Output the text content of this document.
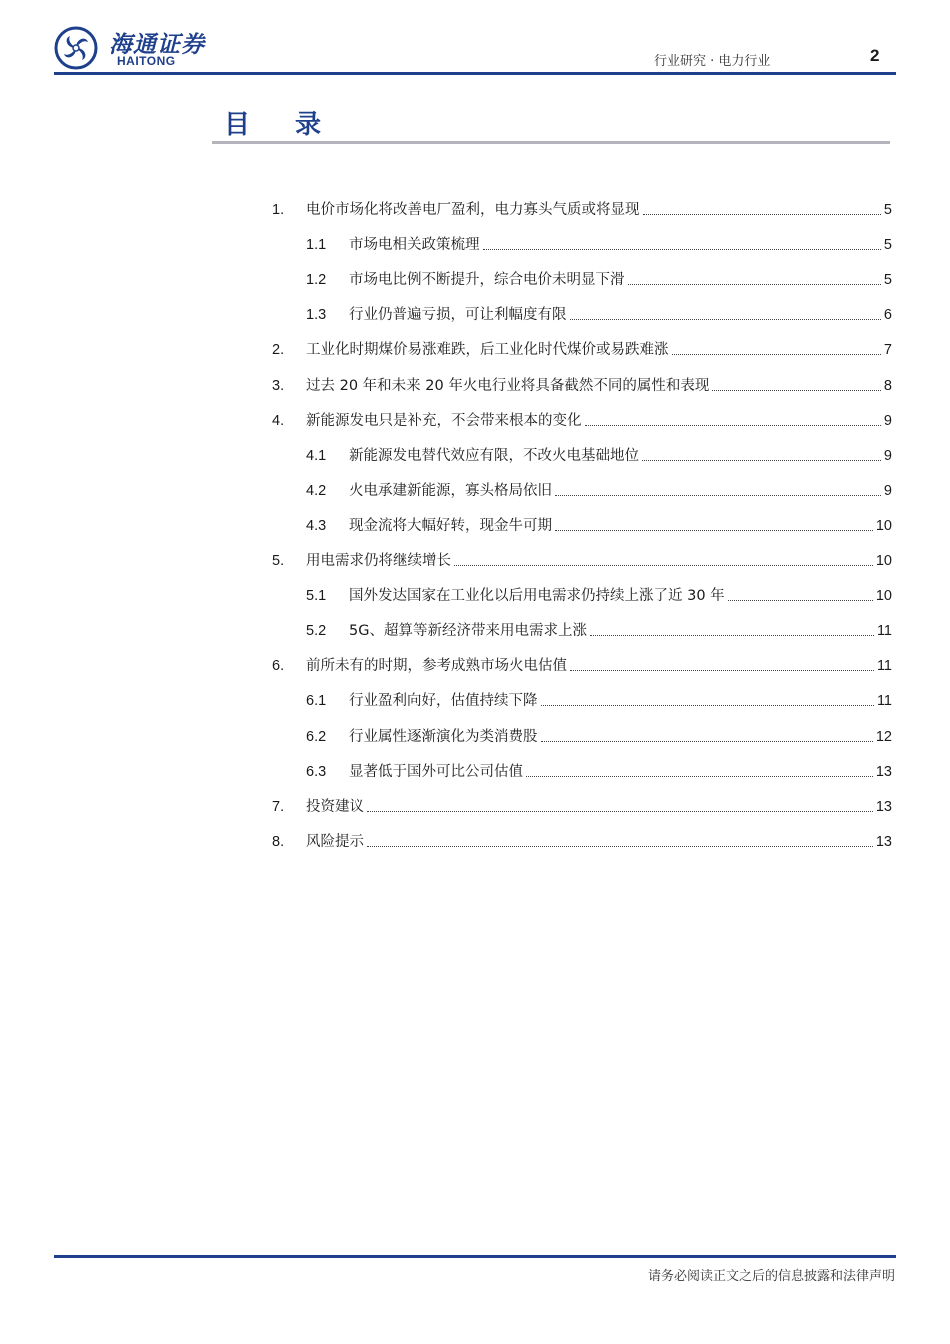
海通证券
HAITONG	行业研究 · 电力行业	2
目 录
1. 电价市场化将改善电厂盈利，电力寡头气质或将显现	5
1.1 市场电相关政策梳理	5
1.2 市场电比例不断提升，综合电价未明显下滑	5
1.3 行业仍普遍亏损，可让利幅度有限	6
2. 工业化时期煤价易涨难跌，后工业化时代煤价或易跌难涨	7
3. 过去 20 年和未来 20 年火电行业将具备截然不同的属性和表现	8
4. 新能源发电只是补充，不会带来根本的变化	9
4.1 新能源发电替代效应有限，不改火电基础地位	9
4.2 火电承建新能源，寡头格局依旧	9
4.3 现金流将大幅好转，现金牛可期	10
5. 用电需求仍将继续增长	10
5.1 国外发达国家在工业化以后用电需求仍持续上涨了近 30 年	10
5.2 5G、超算等新经济带来用电需求上涨	11
6. 前所未有的时期，参考成熟市场火电估值	11
6.1 行业盈利向好，估值持续下降	11
6.2 行业属性逐渐演化为类消费股	12
6.3 显著低于国外可比公司估值	13
7. 投资建议	13
8. 风险提示	13
请务必阅读正文之后的信息披露和法律声明
